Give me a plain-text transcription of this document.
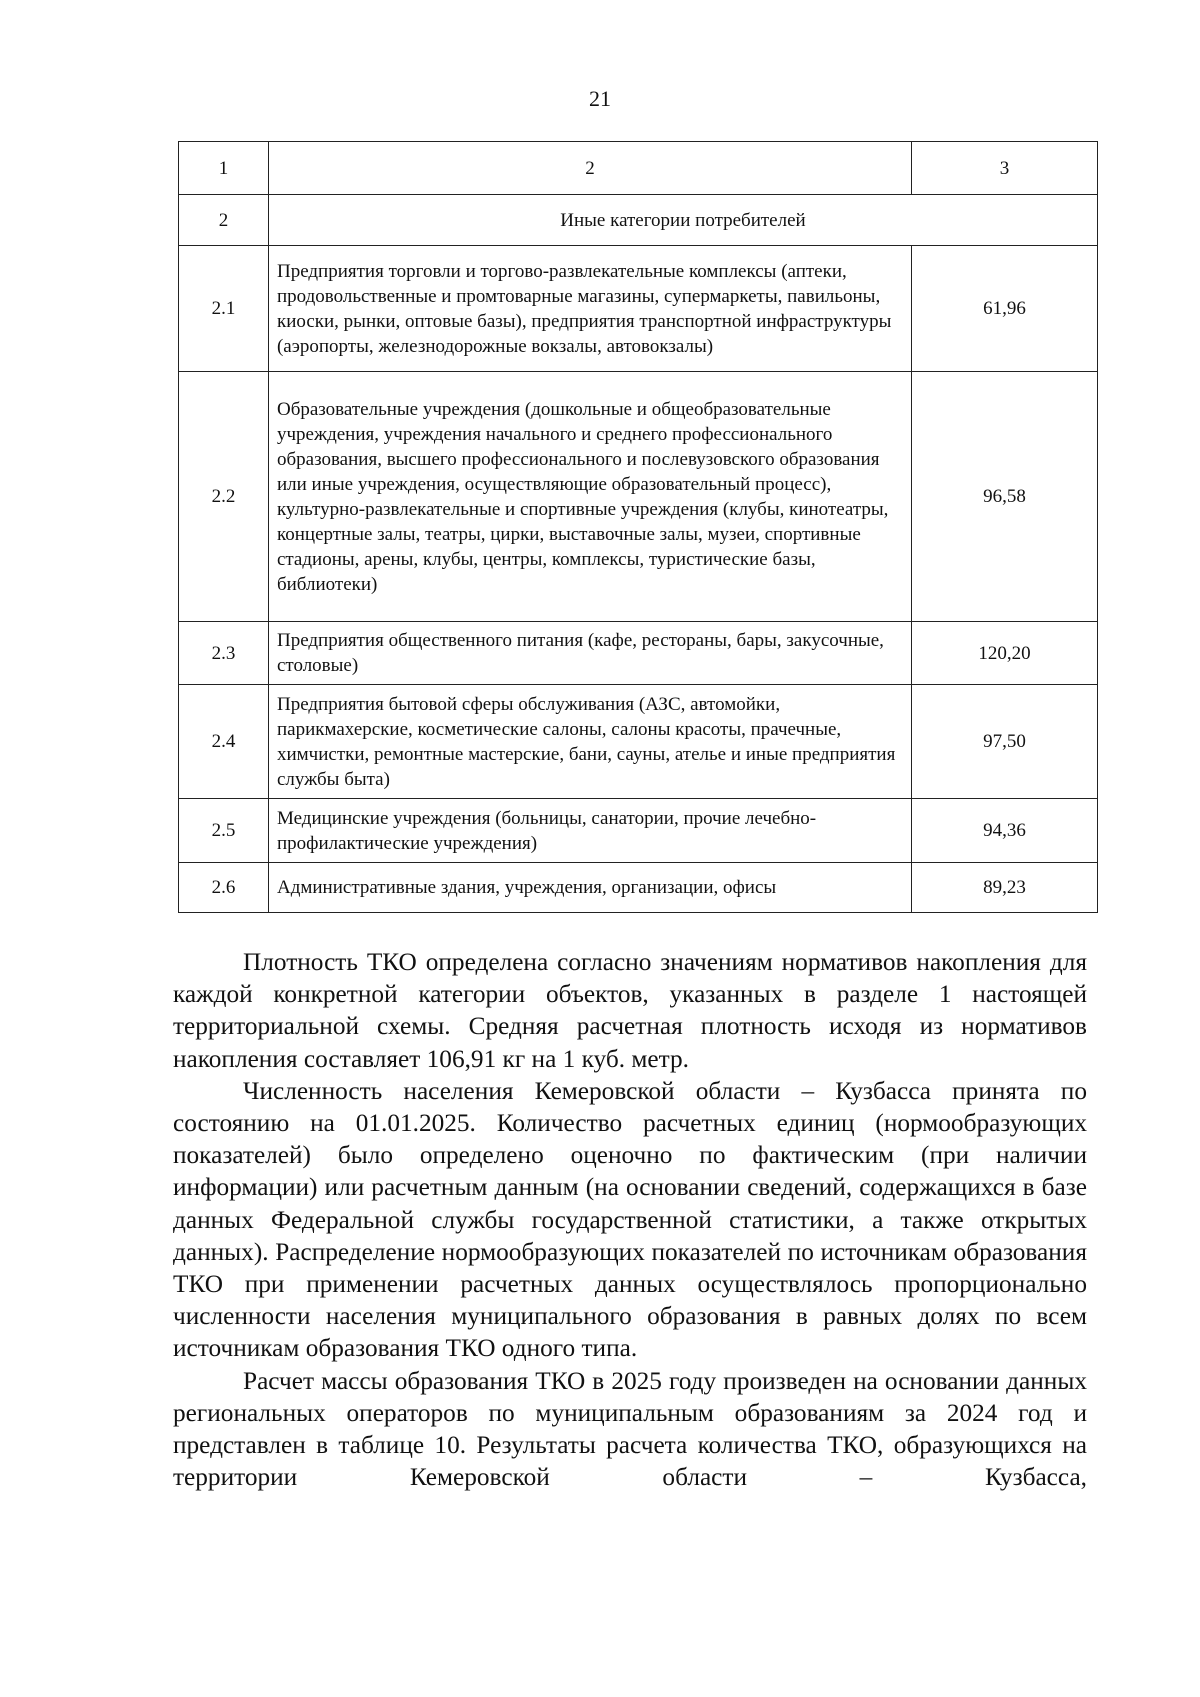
21
1	2	3
2	Иные категории потребителей	
2.1	Предприятия торговли и торгово-развлекательные комплексы (аптеки, продовольственные и промтоварные магазины, супермаркеты, павильоны, киоски, рынки, оптовые базы), предприятия транспортной инфраструктуры (аэропорты, железнодорожные вокзалы, автовокзалы)	61,96
2.2	Образовательные учреждения (дошкольные и общеобразовательные учреждения, учреждения начального и среднего профессионального образования, высшего профессионального и послевузовского образования или иные учреждения, осуществляющие образовательный процесс), культурно-развлекательные и спортивные учреждения (клубы, кинотеатры, концертные залы, театры, цирки, выставочные залы, музеи, спортивные стадионы, арены, клубы, центры, комплексы, туристические базы, библиотеки)	96,58
2.3	Предприятия общественного питания (кафе, рестораны, бары, закусочные, столовые)	120,20
2.4	Предприятия бытовой сферы обслуживания (АЗС, автомойки, парикмахерские, косметические салоны, салоны красоты, прачечные, химчистки, ремонтные мастерские, бани, сауны, ателье и иные предприятия службы быта)	97,50
2.5	Медицинские учреждения (больницы, санатории, прочие лечебно-профилактические учреждения)	94,36
2.6	Административные здания, учреждения, организации, офисы	89,23

Плотность ТКО определена согласно значениям нормативов накопления для каждой конкретной категории объектов, указанных в разделе 1 настоящей территориальной схемы. Средняя расчетная плотность исходя из нормативов накопления составляет 106,91 кг на 1 куб. метр.

Численность населения Кемеровской области – Кузбасса принята по состоянию на 01.01.2025. Количество расчетных единиц (нормообразующих показателей) было определено оценочно по фактическим (при наличии информации) или расчетным данным (на основании сведений, содержащихся в базе данных Федеральной службы государственной статистики, а также открытых данных). Распределение нормообразующих показателей по источникам образования ТКО при применении расчетных данных осуществлялось пропорционально численности населения муниципального образования в равных долях по всем источникам образования ТКО одного типа.

Расчет массы образования ТКО в 2025 году произведен на основании данных региональных операторов по муниципальным образованиям за 2024 год и представлен в таблице 10. Результаты расчета количества ТКО, образующихся на территории Кемеровской области – Кузбасса,
